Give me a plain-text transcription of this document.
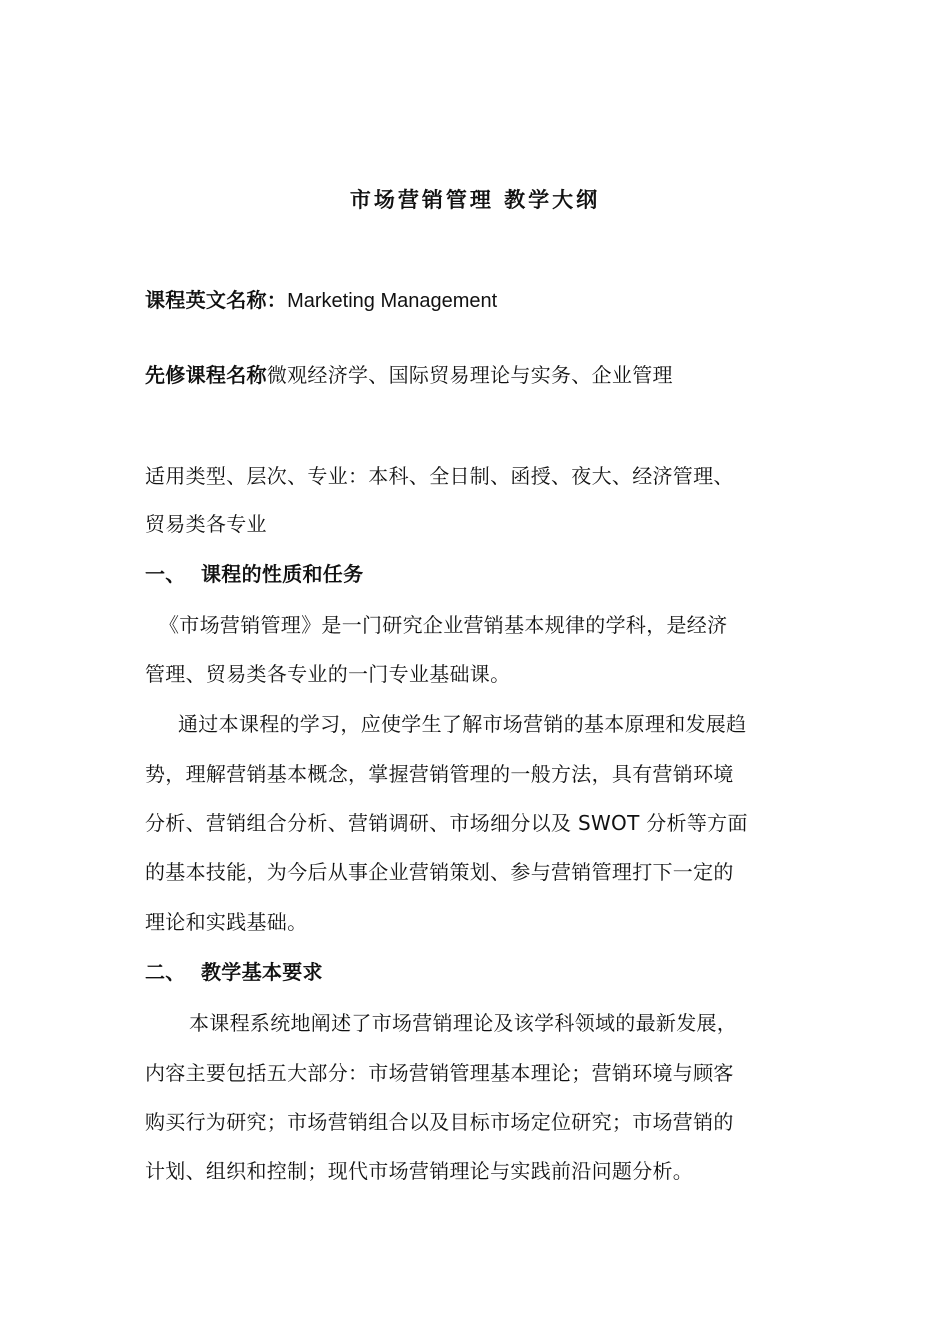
市场营销管理 教学大纲
课程英文名称：Marketing Management
先修课程名称微观经济学、国际贸易理论与实务、企业管理
适用类型、层次、专业：本科、全日制、函授、夜大、经济管理、
贸易类各专业
一、 课程的性质和任务
《市场营销管理》是一门研究企业营销基本规律的学科，是经济
管理、贸易类各专业的一门专业基础课。
通过本课程的学习，应使学生了解市场营销的基本原理和发展趋
势，理解营销基本概念，掌握营销管理的一般方法，具有营销环境
分析、营销组合分析、营销调研、市场细分以及 SWOT 分析等方面
的基本技能，为今后从事企业营销策划、参与营销管理打下一定的
理论和实践基础。
二、 教学基本要求
本课程系统地阐述了市场营销理论及该学科领域的最新发展，
内容主要包括五大部分：市场营销管理基本理论；营销环境与顾客
购买行为研究；市场营销组合以及目标市场定位研究；市场营销的
计划、组织和控制；现代市场营销理论与实践前沿问题分析。
